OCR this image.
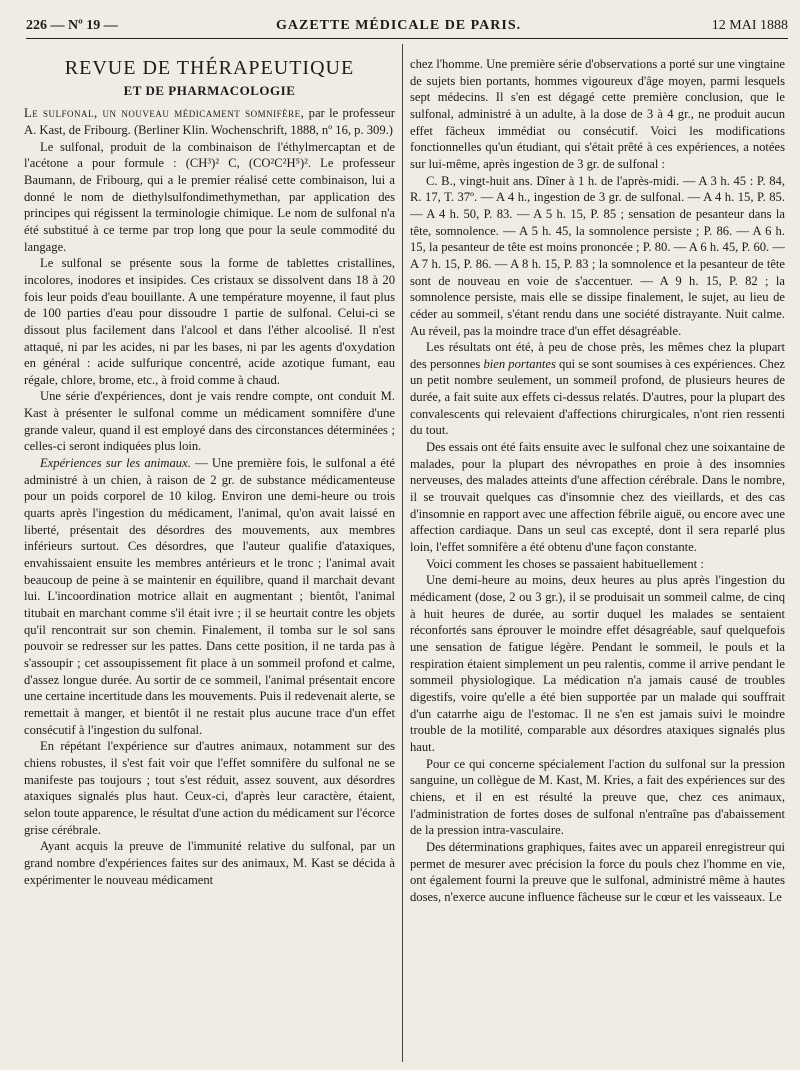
226 — Nº 19 —	GAZETTE MÉDICALE DE PARIS.	12 MAI 1888

REVUE DE THÉRAPEUTIQUE

ET DE PHARMACOLOGIE

Le sulfonal, un nouveau médicament somnifère, par le professeur A. Kast, de Fribourg. (Berliner Klin. Wochenschrift, 1888, nº 16, p. 309.)

Le sulfonal, produit de la combinaison de l'éthylmercaptan et de l'acétone a pour formule : (CH³)² C, (CO²C²H⁵)². Le professeur Baumann, de Fribourg, qui a le premier réalisé cette combinaison, lui a donné le nom de diethylsulfondimethymethan, par application des principes qui régissent la terminologie chimique. Le nom de sulfonal n'a été substitué à ce terme par trop long que pour la seule commodité du langage.

Le sulfonal se présente sous la forme de tablettes cristallines, incolores, inodores et insipides. Ces cristaux se dissolvent dans 18 à 20 fois leur poids d'eau bouillante. A une température moyenne, il faut plus de 100 parties d'eau pour dissoudre 1 partie de sulfonal. Celui-ci se dissout plus facilement dans l'alcool et dans l'éther alcoolisé. Il n'est attaqué, ni par les acides, ni par les bases, ni par les agents d'oxydation en général : acide sulfurique concentré, acide azotique fumant, eau régale, chlore, brome, etc., à froid comme à chaud.

Une série d'expériences, dont je vais rendre compte, ont conduit M. Kast à présenter le sulfonal comme un médicament somnifère d'une grande valeur, quand il est employé dans des circonstances déterminées ; celles-ci seront indiquées plus loin.

Expériences sur les animaux. — Une première fois, le sulfonal a été administré à un chien, à raison de 2 gr. de substance médicamenteuse pour un poids corporel de 10 kilog. Environ une demi-heure ou trois quarts après l'ingestion du médicament, l'animal, qu'on avait laissé en liberté, présentait des désordres des mouvements, aux membres inférieurs surtout. Ces désordres, que l'auteur qualifie d'ataxiques, envahissaient ensuite les membres antérieurs et le tronc ; l'animal avait beaucoup de peine à se maintenir en équilibre, quand il marchait devant lui. L'incoordination motrice allait en augmentant ; bientôt, l'animal titubait en marchant comme s'il était ivre ; il se heurtait contre les objets qu'il rencontrait sur son chemin. Finalement, il tomba sur le sol sans pouvoir se redresser sur les pattes. Dans cette position, il ne tarda pas à s'assoupir ; cet assoupissement fit place à un sommeil profond et calme, d'assez longue durée. Au sortir de ce sommeil, l'animal présentait encore une certaine incertitude dans les mouvements. Puis il redevenait alerte, se remettait à manger, et bientôt il ne restait plus aucune trace d'un effet consécutif à l'ingestion du sulfonal.

En répétant l'expérience sur d'autres animaux, notamment sur des chiens robustes, il s'est fait voir que l'effet somnifère du sulfonal ne se manifeste pas toujours ; tout s'est réduit, assez souvent, aux désordres ataxiques signalés plus haut. Ceux-ci, d'après leur caractère, étaient, selon toute apparence, le résultat d'une action du médicament sur l'écorce grise cérébrale.

Ayant acquis la preuve de l'immunité relative du sulfonal, par un grand nombre d'expériences faites sur des animaux, M. Kast se décida à expérimenter le nouveau médicament

chez l'homme. Une première série d'observations a porté sur une vingtaine de sujets bien portants, hommes vigoureux d'âge moyen, parmi lesquels sept médecins. Il s'en est dégagé cette première conclusion, que le sulfonal, administré à un adulte, à la dose de 3 à 4 gr., ne produit aucun effet fâcheux immédiat ou consécutif. Voici les modifications fonctionnelles qu'un étudiant, qui s'était prêté à ces expériences, a notées sur lui-même, après ingestion de 3 gr. de sulfonal :

C. B., vingt-huit ans. Dîner à 1 h. de l'après-midi. — A 3 h. 45 : P. 84, R. 17, T. 37º. — A 4 h., ingestion de 3 gr. de sulfonal. — A 4 h. 15, P. 85. — A 4 h. 50, P. 83. — A 5 h. 15, P. 85 ; sensation de pesanteur dans la tête, somnolence. — A 5 h. 45, la somnolence persiste ; P. 86. — A 6 h. 15, la pesanteur de tête est moins prononcée ; P. 80. — A 6 h. 45, P. 60. — A 7 h. 15, P. 86. — A 8 h. 15, P. 83 ; la somnolence et la pesanteur de tête sont de nouveau en voie de s'accentuer. — A 9 h. 15, P. 82 ; la somnolence persiste, mais elle se dissipe finalement, le sujet, au lieu de céder au sommeil, s'étant rendu dans une société distrayante. Nuit calme. Au réveil, pas la moindre trace d'un effet désagréable.

Les résultats ont été, à peu de chose près, les mêmes chez la plupart des personnes bien portantes qui se sont soumises à ces expériences. Chez un petit nombre seulement, un sommeil profond, de plusieurs heures de durée, a fait suite aux effets ci-dessus relatés. D'autres, pour la plupart des convalescents qui relevaient d'affections chirurgicales, n'ont rien ressenti du tout.

Des essais ont été faits ensuite avec le sulfonal chez une soixantaine de malades, pour la plupart des névropathes en proie à des insomnies nerveuses, des malades atteints d'une affection cérébrale. Dans le nombre, il se trouvait quelques cas d'insomnie chez des vieillards, et des cas d'insomnie en rapport avec une affection fébrile aiguë, ou encore avec une affection cardiaque. Dans un seul cas excepté, dont il sera reparlé plus loin, l'effet somnifère a été obtenu d'une façon constante.

Voici comment les choses se passaient habituellement :

Une demi-heure au moins, deux heures au plus après l'ingestion du médicament (dose, 2 ou 3 gr.), il se produisait un sommeil calme, de cinq à huit heures de durée, au sortir duquel les malades se sentaient réconfortés sans éprouver le moindre effet désagréable, sauf quelquefois une sensation de fatigue légère. Pendant le sommeil, le pouls et la respiration étaient simplement un peu ralentis, comme il arrive pendant le sommeil physiologique. La médication n'a jamais causé de troubles digestifs, voire qu'elle a été bien supportée par un malade qui souffrait d'un catarrhe aigu de l'estomac. Il ne s'en est jamais suivi le moindre trouble de la motilité, comparable aux désordres ataxiques signalés plus haut.

Pour ce qui concerne spécialement l'action du sulfonal sur la pression sanguine, un collègue de M. Kast, M. Kries, a fait des expériences sur des chiens, et il en est résulté la preuve que, chez ces animaux, l'administration de fortes doses de sulfonal n'entraîne pas d'abaissement de la pression intra-vasculaire.

Des déterminations graphiques, faites avec un appareil enregistreur qui permet de mesurer avec précision la force du pouls chez l'homme en vie, ont également fourni la preuve que le sulfonal, administré même à hautes doses, n'exerce aucune influence fâcheuse sur le cœur et les vaisseaux. Le
